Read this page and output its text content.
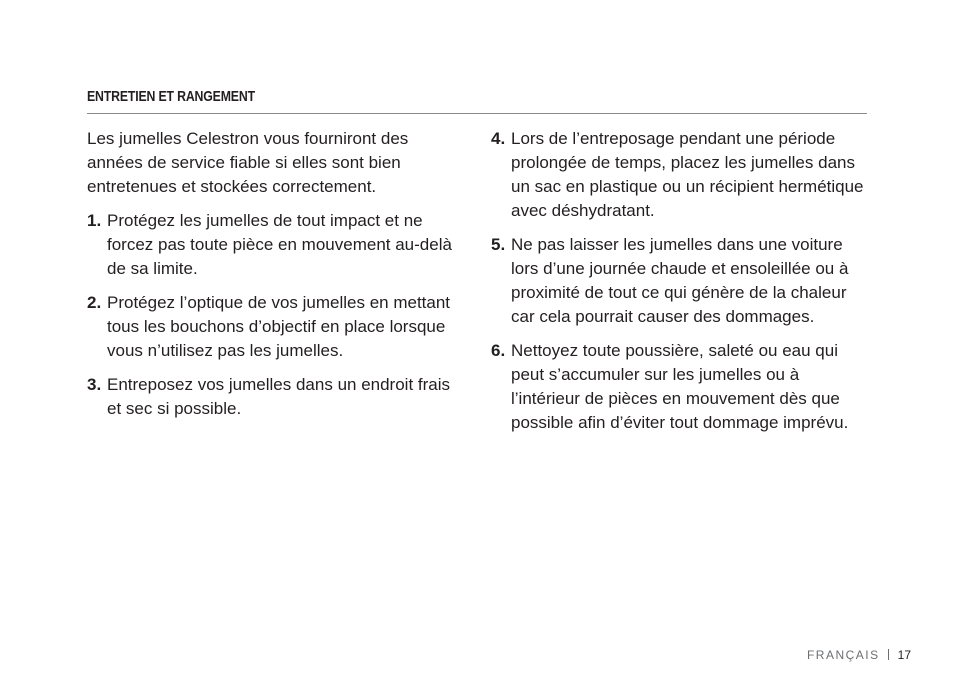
ENTRETIEN ET RANGEMENT

Les jumelles Celestron vous fourniront des années de service fiable si elles sont bien entretenues et stockées correctement.

1. Protégez les jumelles de tout impact et ne forcez pas toute pièce en mouvement au-delà de sa limite.
2. Protégez l’optique de vos jumelles en mettant tous les bouchons d’objectif en place lorsque vous n’utilisez pas les jumelles.
3. Entreposez vos jumelles dans un endroit frais et sec si possible.
4. Lors de l’entreposage pendant une période prolongée de temps, placez les jumelles dans un sac en plastique ou un récipient hermétique avec déshydratant.
5. Ne pas laisser les jumelles dans une voiture lors d’une journée chaude et ensoleillée ou à proximité de tout ce qui génère de la chaleur car cela pourrait causer des dommages.
6. Nettoyez toute poussière, saleté ou eau qui peut s’accumuler sur les jumelles ou à l’intérieur de pièces en mouvement dès que possible afin d’éviter tout dommage imprévu.
FRANÇAIS 17
